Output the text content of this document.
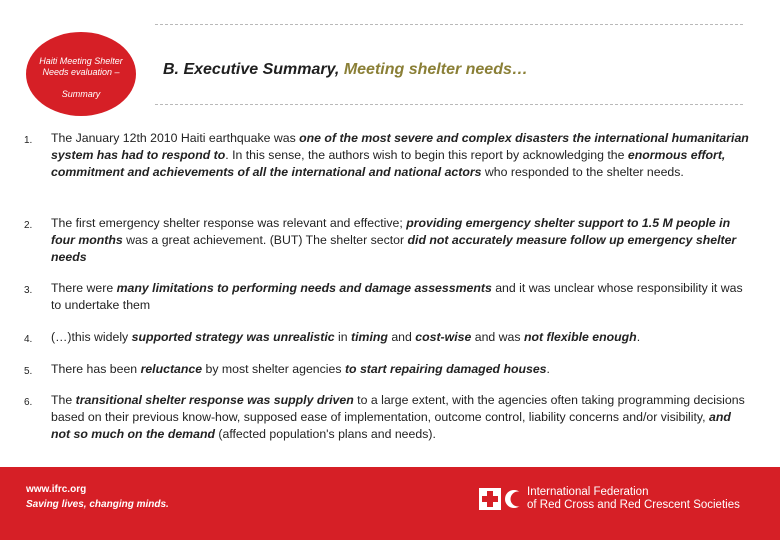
Haiti Meeting Shelter
Needs evaluation –
Summary
B. Executive Summary, Meeting shelter needs…
1. The January 12th 2010 Haiti earthquake was one of the most severe and complex disasters the international humanitarian system has had to respond to. In this sense, the authors wish to begin this report by acknowledging the enormous effort, commitment and achievements of all the international and national actors who responded to the shelter needs.
2. The first emergency shelter response was relevant and effective; providing emergency shelter support to 1.5 M people in four months was a great achievement. (BUT) The shelter sector did not accurately measure follow up emergency shelter needs
3. There were many limitations to performing needs and damage assessments and it was unclear whose responsibility it was to undertake them
4. (…)this widely supported strategy was unrealistic in timing and cost-wise and was not flexible enough.
5. There has been reluctance by most shelter agencies to start repairing damaged houses.
6. The transitional shelter response was supply driven to a large extent, with the agencies often taking programming decisions based on their previous know-how, supposed ease of implementation, outcome control, liability concerns and/or visibility, and not so much on the demand (affected population's plans and needs).
www.ifrc.org
Saving lives, changing minds.
International Federation
of Red Cross and Red Crescent Societies
